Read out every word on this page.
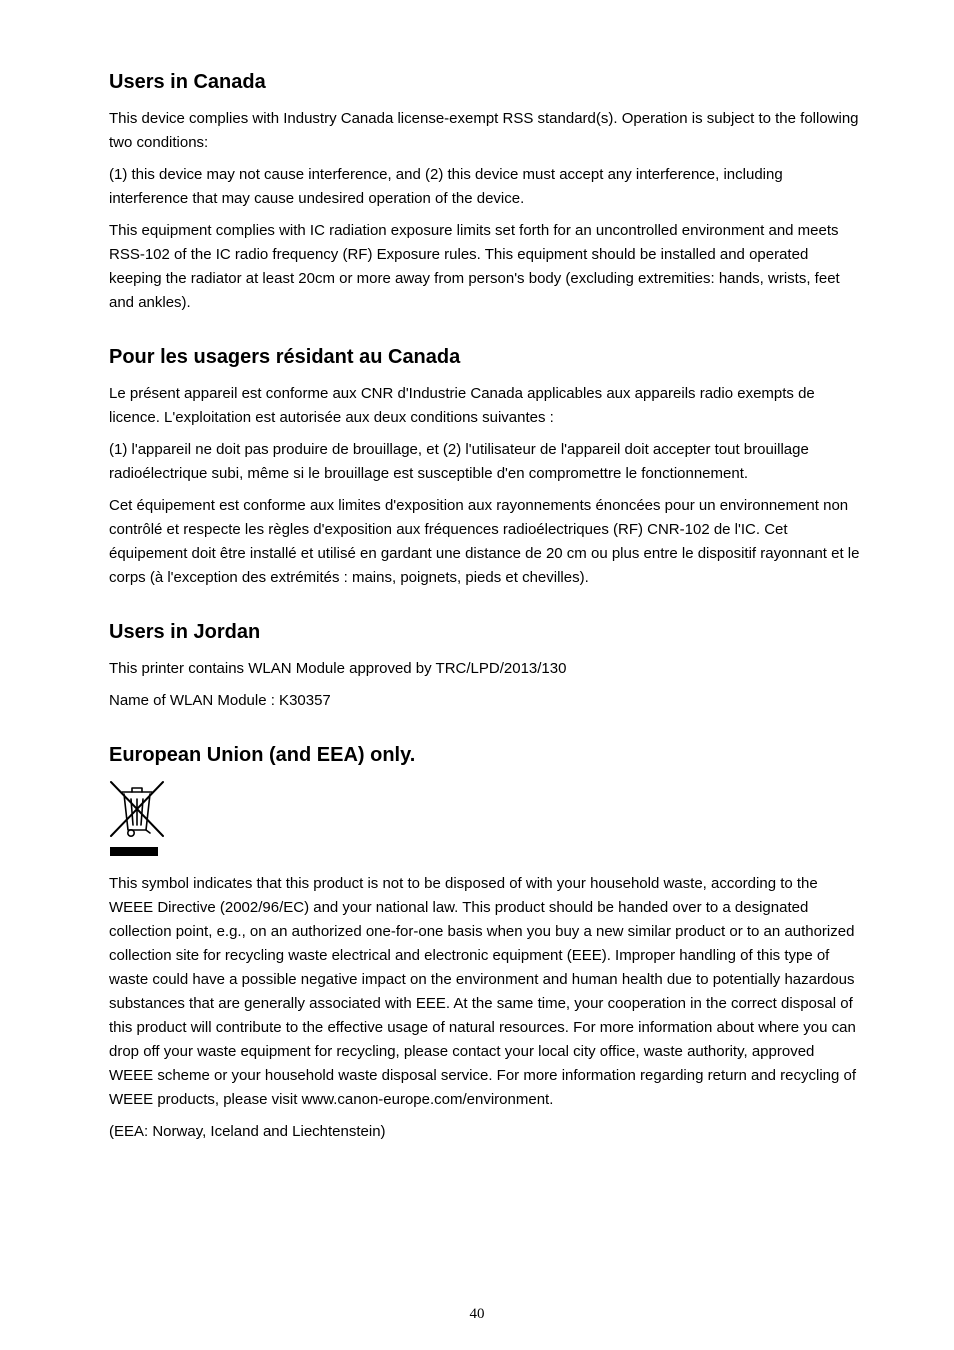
Users in Canada

This device complies with Industry Canada license-exempt RSS standard(s). Operation is subject to the following two conditions:

(1) this device may not cause interference, and (2) this device must accept any interference, including interference that may cause undesired operation of the device.

This equipment complies with IC radiation exposure limits set forth for an uncontrolled environment and meets RSS-102 of the IC radio frequency (RF) Exposure rules. This equipment should be installed and operated keeping the radiator at least 20cm or more away from person's body (excluding extremities: hands, wrists, feet and ankles).

Pour les usagers résidant au Canada

Le présent appareil est conforme aux CNR d'Industrie Canada applicables aux appareils radio exempts de licence. L'exploitation est autorisée aux deux conditions suivantes :

(1) l'appareil ne doit pas produire de brouillage, et (2) l'utilisateur de l'appareil doit accepter tout brouillage radioélectrique subi, même si le brouillage est susceptible d'en compromettre le fonctionnement.

Cet équipement est conforme aux limites d'exposition aux rayonnements énoncées pour un environnement non contrôlé et respecte les règles d'exposition aux fréquences radioélectriques (RF) CNR-102 de l'IC. Cet équipement doit être installé et utilisé en gardant une distance de 20 cm ou plus entre le dispositif rayonnant et le corps (à l'exception des extrémités : mains, poignets, pieds et chevilles).

Users in Jordan

This printer contains WLAN Module approved by TRC/LPD/2013/130

Name of WLAN Module : K30357

European Union (and EEA) only.

This symbol indicates that this product is not to be disposed of with your household waste, according to the WEEE Directive (2002/96/EC) and your national law. This product should be handed over to a designated collection point, e.g., on an authorized one-for-one basis when you buy a new similar product or to an authorized collection site for recycling waste electrical and electronic equipment (EEE). Improper handling of this type of waste could have a possible negative impact on the environment and human health due to potentially hazardous substances that are generally associated with EEE. At the same time, your cooperation in the correct disposal of this product will contribute to the effective usage of natural resources. For more information about where you can drop off your waste equipment for recycling, please contact your local city office, waste authority, approved WEEE scheme or your household waste disposal service. For more information regarding return and recycling of WEEE products, please visit www.canon-europe.com/environment.

(EEA: Norway, Iceland and Liechtenstein)

40
